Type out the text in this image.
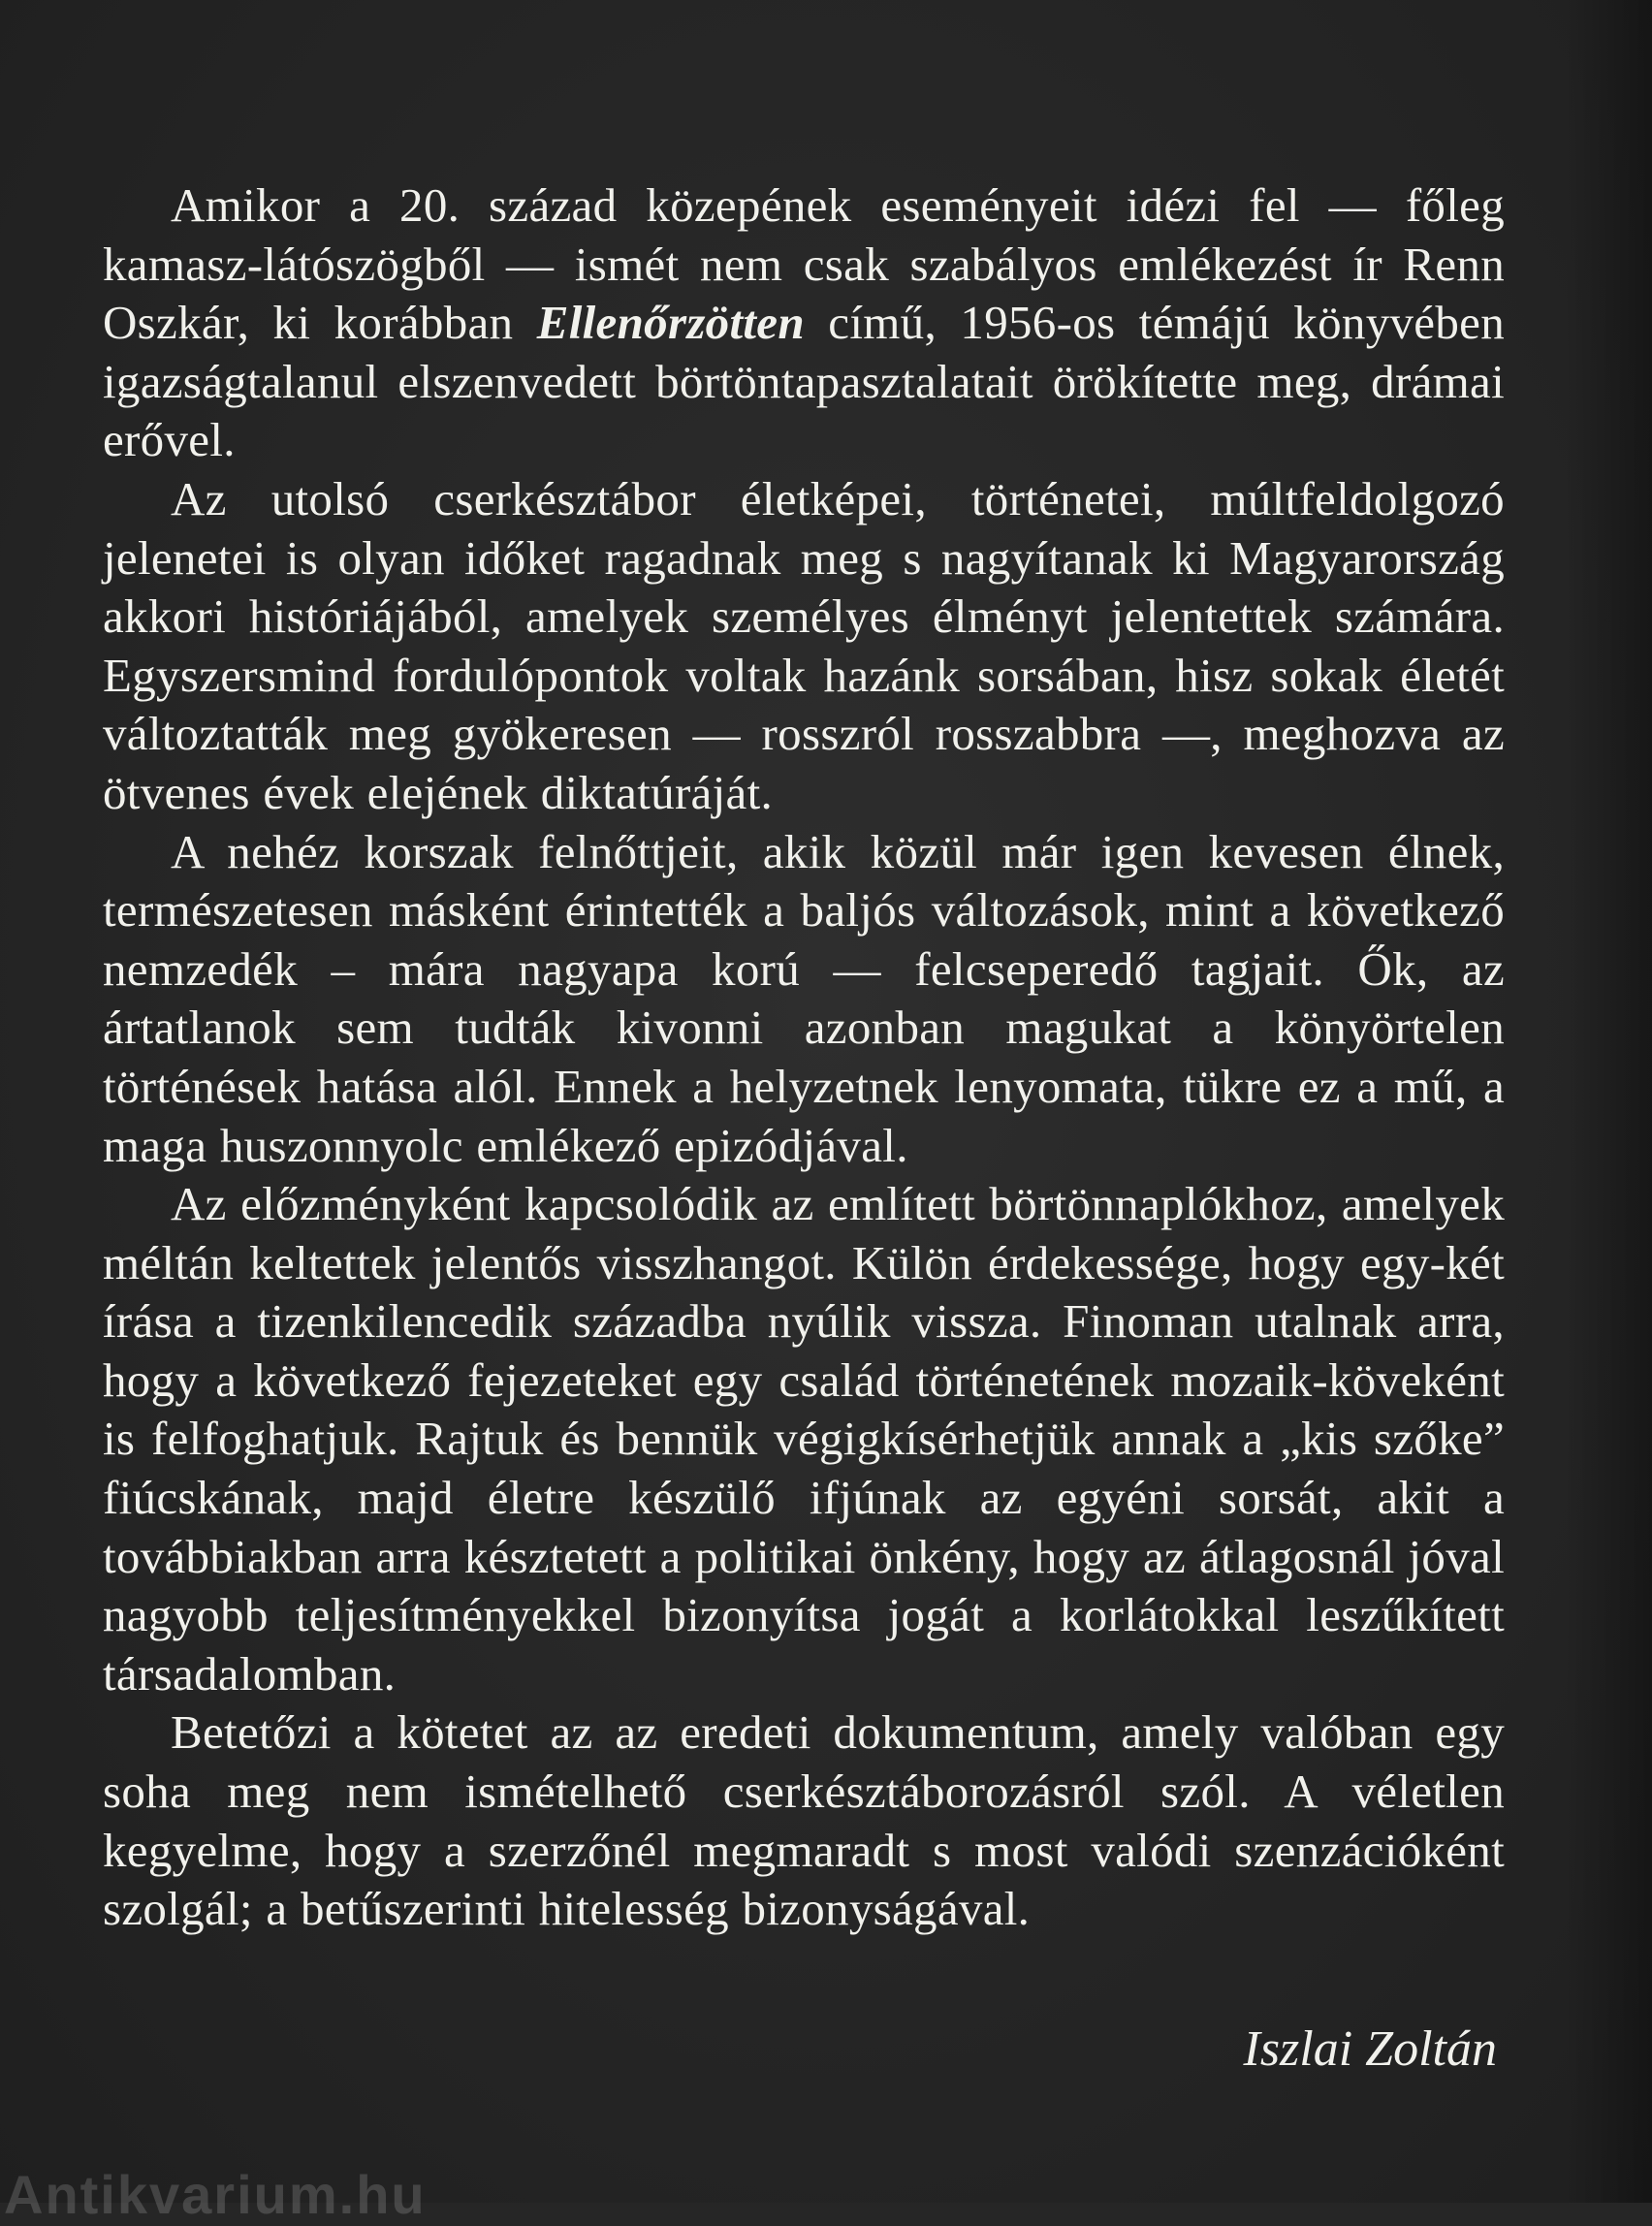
Amikor a 20. század közepének eseményeit idézi fel — főleg kamasz-látószögből — ismét nem csak szabályos emlékezést ír Renn Oszkár, ki korábban Ellenőrzötten című, 1956-os témájú könyvében igazságtalanul elszenvedett börtöntapasztalatait örökítette meg, drámai erővel.

Az utolsó cserkésztábor életképei, történetei, múltfeldolgozó jelenetei is olyan időket ragadnak meg s nagyítanak ki Magyarország akkori históriájából, amelyek személyes élményt jelentettek számára. Egyszersmind fordulópontok voltak hazánk sorsában, hisz sokak életét változtatták meg gyökeresen — rosszról rosszabbra —, meghozva az ötvenes évek elejének diktatúráját.

A nehéz korszak felnőttjeit, akik közül már igen kevesen élnek, természetesen másként érintették a baljós változások, mint a következő nemzedék – mára nagyapa korú — felcseperedő tagjait. Ők, az ártatlanok sem tudták kivonni azonban magukat a könyörtelen történések hatása alól. Ennek a helyzetnek lenyomata, tükre ez a mű, a maga huszonnyolc emlékező epizódjával.

Az előzményként kapcsolódik az említett börtönnaplókhoz, amelyek méltán keltettek jelentős visszhangot. Külön érdekessége, hogy egy-két írása a tizenkilencedik századba nyúlik vissza. Finoman utalnak arra, hogy a következő fejezeteket egy család történetének mozaik-köveként is felfoghatjuk. Rajtuk és bennük végigkísérhetjük annak a „kis szőke” fiúcskának, majd életre készülő ifjúnak az egyéni sorsát, akit a továbbiakban arra késztetett a politikai önkény, hogy az átlagosnál jóval nagyobb teljesítményekkel bizonyítsa jogát a korlátokkal leszűkített társadalomban.

Betetőzi a kötetet az az eredeti dokumentum, amely valóban egy soha meg nem ismételhető cserkésztáborozásról szól. A véletlen kegyelme, hogy a szerzőnél megmaradt s most valódi szenzációként szolgál; a betűszerinti hitelesség bizonyságával.

Iszlai Zoltán
Antikvarium.hu
